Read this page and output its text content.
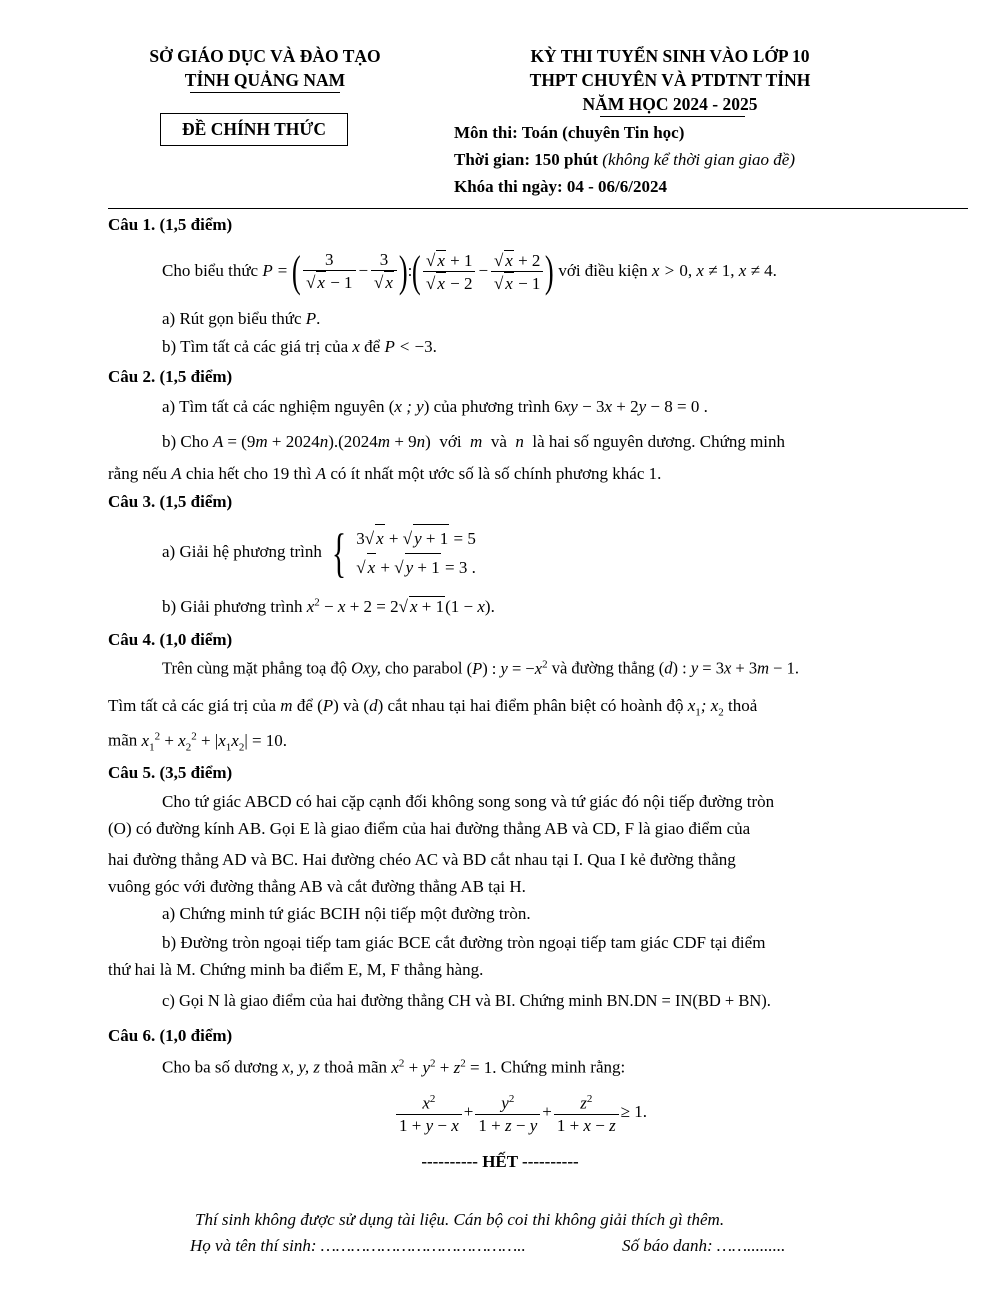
SỞ GIÁO DỤC VÀ ĐÀO TẠO
TỈNH QUẢNG NAM
ĐỀ CHÍNH THỨC
KỲ THI TUYỂN SINH VÀO LỚP 10
THPT CHUYÊN VÀ PTDTNT TỈNH
NĂM HỌC 2024 - 2025
Môn thi: Toán (chuyên Tin học)
Thời gian: 150 phút (không kể thời gian giao đề)
Khóa thi ngày: 04 - 06/6/2024
Câu 1. (1,5 điểm)
Cho biểu thức P = ( $\frac{3}{√ x - 1} - \frac{3}{√ x}$ ):( $\frac{√ x + 1}{√ x - 2} - \frac{√ x + 2}{√ x - 1}$ ) với điều kiện x > 0, x ≠ 1, x ≠ 4.
a) Rút gọn biểu thức P.
b) Tìm tất cả các giá trị của x để P < −3.
Câu 2. (1,5 điểm)
a) Tìm tất cả các nghiệm nguyên (x ; y) của phương trình 6xy − 3x + 2y − 8 = 0 .
b) Cho A = (9m + 2024n).(2024m + 9n) với m và n là hai số nguyên dương. Chứng minh
rằng nếu A chia hết cho 19 thì A có ít nhất một ước số là số chính phương khác 1.
Câu 3. (1,5 điểm)
a) Giải hệ phương trình { 3√ x + √ y + 1 = 5
√ x + √ y + 1 = 3 .
b) Giải phương trình $x^2 - x + 2 = 2√$ x + 1(1 − x).
Câu 4. (1,0 điểm)
Trên cùng mặt phẳng toạ độ Oxy, cho parabol (P) : $y = -x^2$ và đường thẳng (d) : y = 3x + 3m − 1.
Tìm tất cả các giá trị của m để (P) và (d) cắt nhau tại hai điểm phân biệt có hoành độ $x_1$; $x_2$ thoả
mãn $x_1^2 + x_2^2 + |x_1x_2| = 10$.
Câu 5. (3,5 điểm)
Cho tứ giác ABCD có hai cặp cạnh đối không song song và tứ giác đó nội tiếp đường tròn
(O) có đường kính AB. Gọi E là giao điểm của hai đường thẳng AB và CD, F là giao điểm của
hai đường thẳng AD và BC. Hai đường chéo AC và BD cắt nhau tại I. Qua I kẻ đường thẳng
vuông góc với đường thẳng AB và cắt đường thẳng AB tại H.
a) Chứng minh tứ giác BCIH nội tiếp một đường tròn.
b) Đường tròn ngoại tiếp tam giác BCE cắt đường tròn ngoại tiếp tam giác CDF tại điểm
thứ hai là M. Chứng minh ba điểm E, M, F thẳng hàng.
c) Gọi N là giao điểm của hai đường thẳng CH và BI. Chứng minh BN.DN = IN(BD + BN).
Câu 6. (1,0 điểm)
Cho ba số dương x, y, z thoả mãn $x^2 + y^2 + z^2 = 1$. Chứng minh rằng:
$\frac{x^2}{1 + y - x} + \frac{y^2}{1 + z - y} + \frac{z^2}{1 + x - z} \ge 1$.
---------- HẾT ----------
Thí sinh không được sử dụng tài liệu. Cán bộ coi thi không giải thích gì thêm.
Họ và tên thí sinh: …………………………………..	Số báo danh: …….........
